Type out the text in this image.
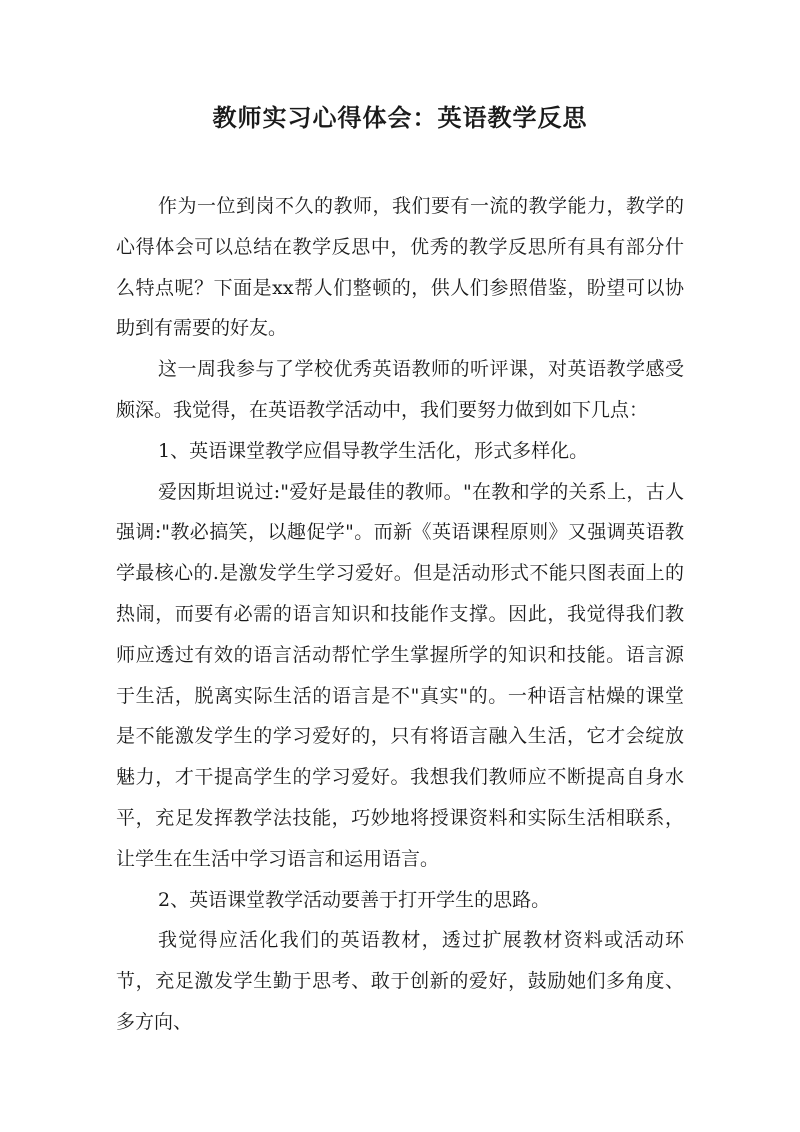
教师实习心得体会：英语教学反思

作为一位到岗不久的教师，我们要有一流的教学能力，教学的心得体会可以总结在教学反思中，优秀的教学反思所有具有部分什么特点呢？下面是xx帮人们整顿的，供人们参照借鉴，盼望可以协助到有需要的好友。

这一周我参与了学校优秀英语教师的听评课，对英语教学感受颇深。我觉得，在英语教学活动中，我们要努力做到如下几点：

1、英语课堂教学应倡导教学生活化，形式多样化。

爱因斯坦说过:"爱好是最佳的教师。"在教和学的关系上，古人强调:"教必搞笑，以趣促学"。而新《英语课程原则》又强调英语教学最核心的.是激发学生学习爱好。但是活动形式不能只图表面上的热闹，而要有必需的语言知识和技能作支撑。因此，我觉得我们教师应透过有效的语言活动帮忙学生掌握所学的知识和技能。语言源于生活，脱离实际生活的语言是不"真实"的。一种语言枯燥的课堂是不能激发学生的学习爱好的，只有将语言融入生活，它才会绽放魅力，才干提高学生的学习爱好。我想我们教师应不断提高自身水平，充足发挥教学法技能，巧妙地将授课资料和实际生活相联系，让学生在生活中学习语言和运用语言。

2、英语课堂教学活动要善于打开学生的思路。

我觉得应活化我们的英语教材，透过扩展教材资料或活动环节，充足激发学生勤于思考、敢于创新的爱好，鼓励她们多角度、多方向、
